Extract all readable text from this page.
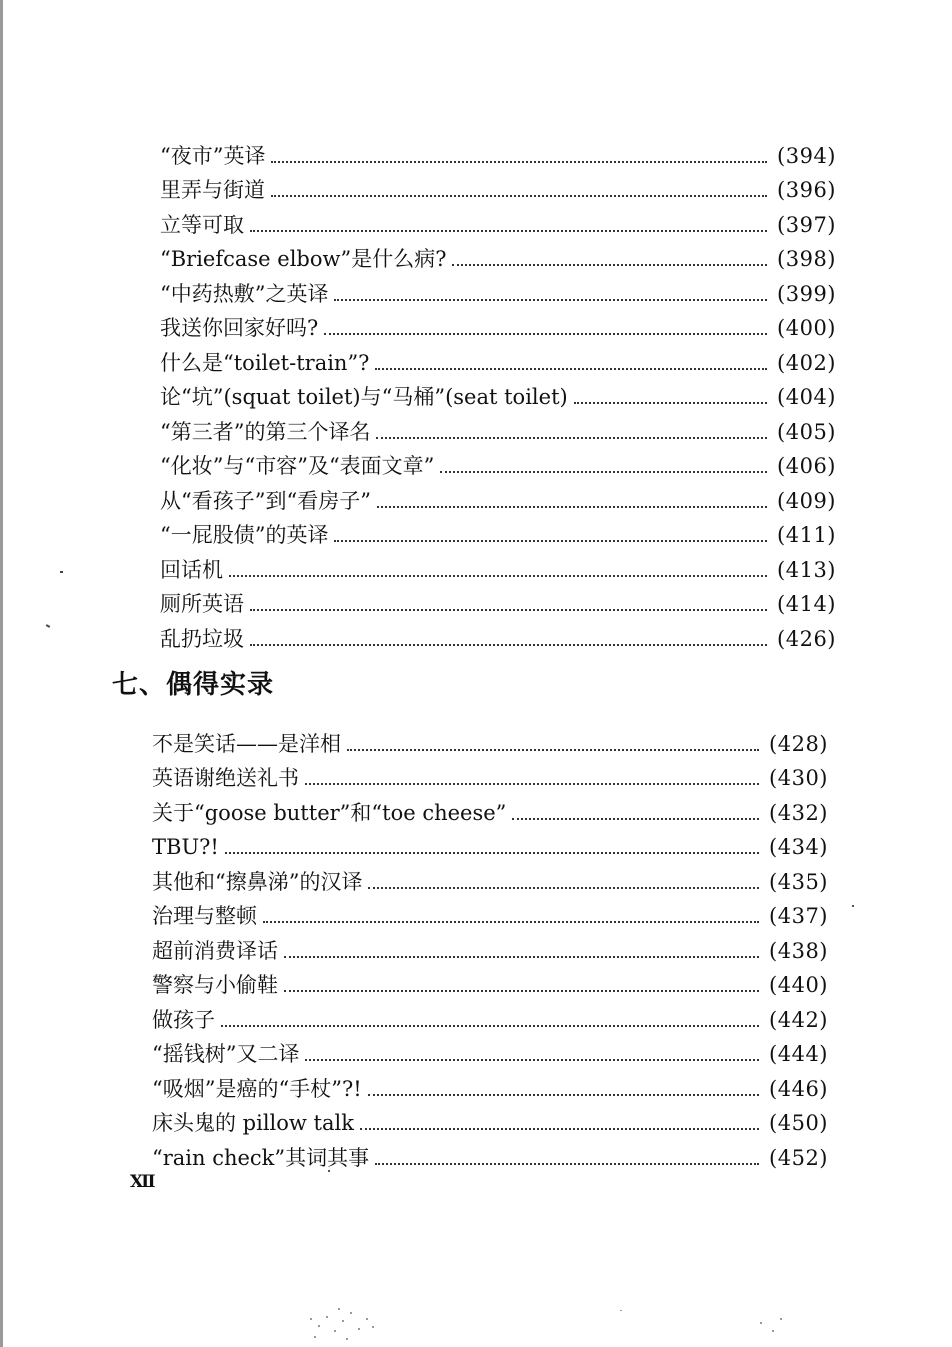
“夜市”英译	(394)
里弄与街道	(396)
立等可取	(397)
“Briefcase elbow”是什么病?	(398)
“中药热敷”之英译	(399)
我送你回家好吗?	(400)
什么是“toilet-train”?	(402)
论“坑”(squat toilet)与“马桶”(seat toilet)	(404)
“第三者”的第三个译名	(405)
“化妆”与“市容”及“表面文章”	(406)
从“看孩子”到“看房子”	(409)
“一屁股债”的英译	(411)
回话机	(413)
厕所英语	(414)
乱扔垃圾	(426)
七、偶得实录
不是笑话——是洋相	(428)
英语谢绝送礼书	(430)
关于“goose butter”和“toe cheese”	(432)
TBU?!	(434)
其他和“擦鼻涕”的汉译	(435)
治理与整顿	(437)
超前消费译话	(438)
警察与小偷鞋	(440)
做孩子	(442)
“摇钱树”又二译	(444)
“吸烟”是癌的“手杖”?!	(446)
床头鬼的 pillow talk	(450)
“rain check”其词其事	(452)
Ⅻ
